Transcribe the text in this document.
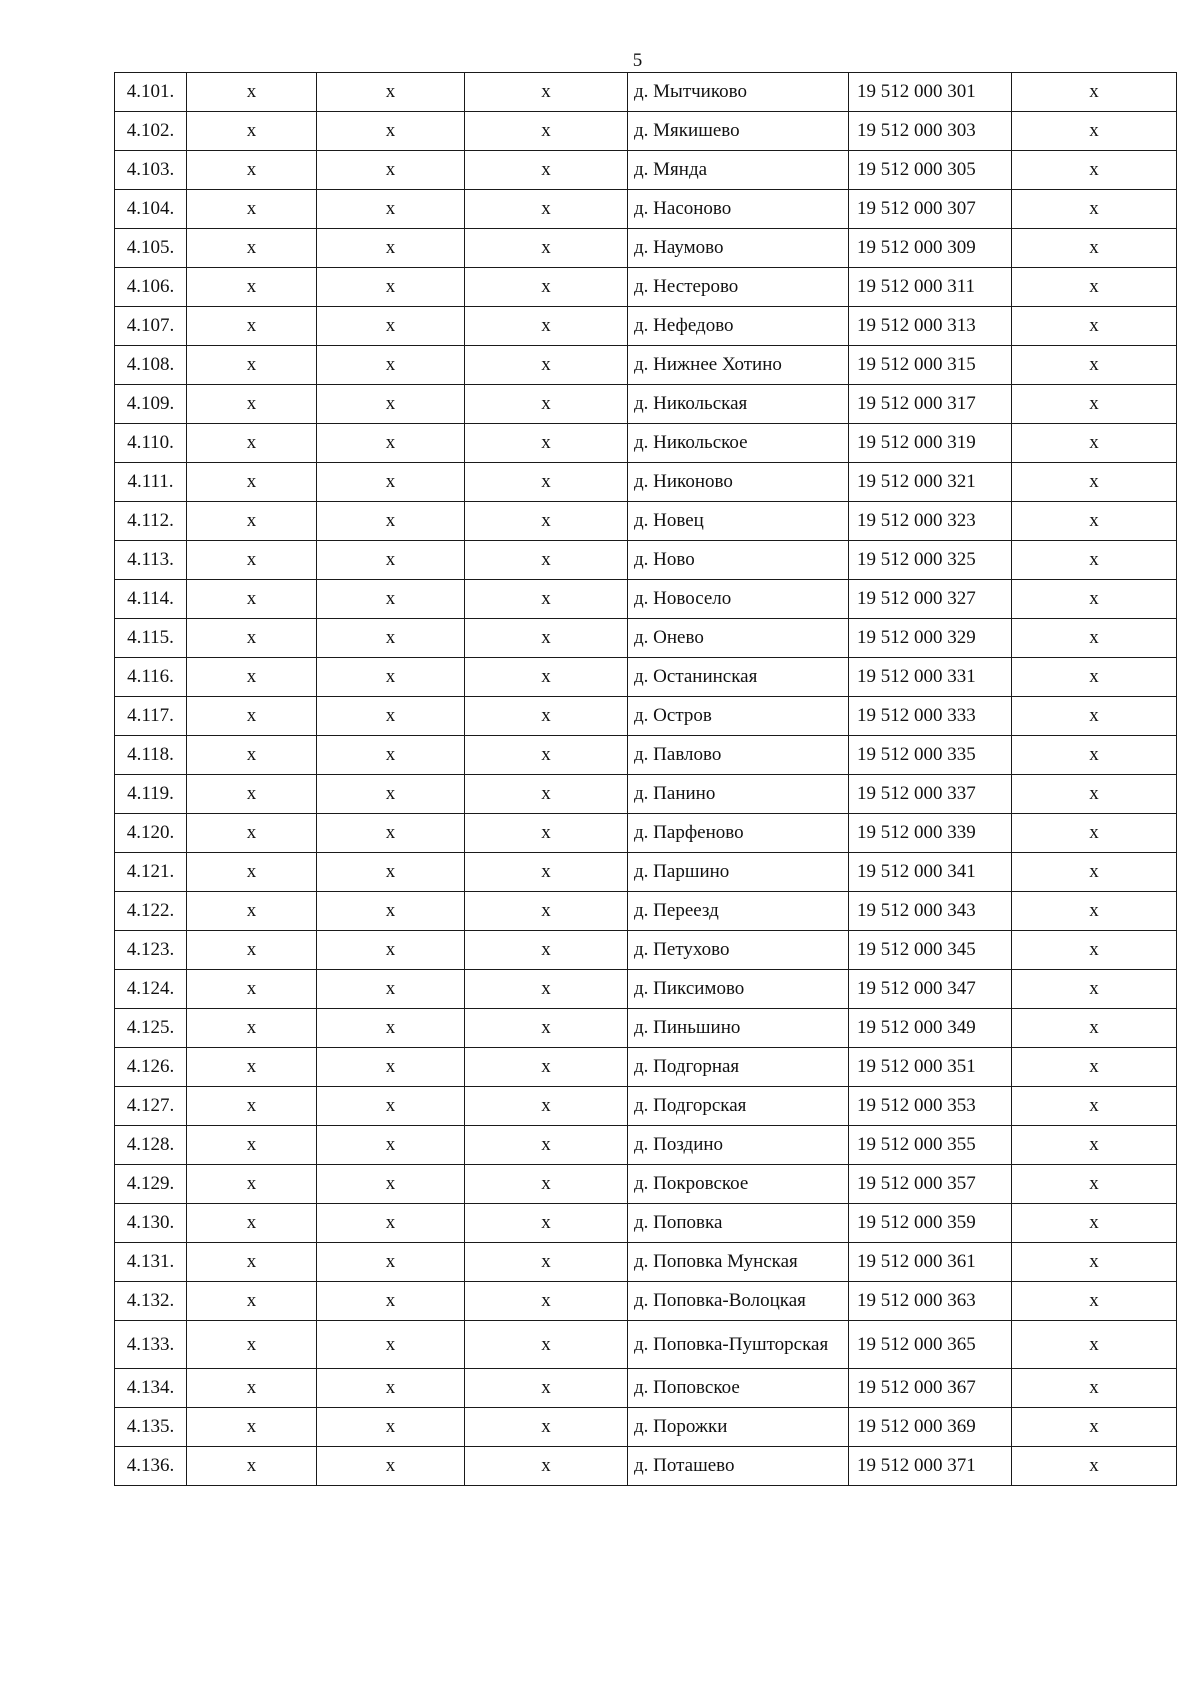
5
4.101.	x	x	x	д. Мытчиково	19 512 000 301	x
4.102.	x	x	x	д. Мякишево	19 512 000 303	x
4.103.	x	x	x	д. Мянда	19 512 000 305	x
4.104.	x	x	x	д. Насоново	19 512 000 307	x
4.105.	x	x	x	д. Наумово	19 512 000 309	x
4.106.	x	x	x	д. Нестерово	19 512 000 311	x
4.107.	x	x	x	д. Нефедово	19 512 000 313	x
4.108.	x	x	x	д. Нижнее Хотино	19 512 000 315	x
4.109.	x	x	x	д. Никольская	19 512 000 317	x
4.110.	x	x	x	д. Никольское	19 512 000 319	x
4.111.	x	x	x	д. Никоново	19 512 000 321	x
4.112.	x	x	x	д. Новец	19 512 000 323	x
4.113.	x	x	x	д. Ново	19 512 000 325	x
4.114.	x	x	x	д. Новосело	19 512 000 327	x
4.115.	x	x	x	д. Онево	19 512 000 329	x
4.116.	x	x	x	д. Останинская	19 512 000 331	x
4.117.	x	x	x	д. Остров	19 512 000 333	x
4.118.	x	x	x	д. Павлово	19 512 000 335	x
4.119.	x	x	x	д. Панино	19 512 000 337	x
4.120.	x	x	x	д. Парфеново	19 512 000 339	x
4.121.	x	x	x	д. Паршино	19 512 000 341	x
4.122.	x	x	x	д. Переезд	19 512 000 343	x
4.123.	x	x	x	д. Петухово	19 512 000 345	x
4.124.	x	x	x	д. Пиксимово	19 512 000 347	x
4.125.	x	x	x	д. Пиньшино	19 512 000 349	x
4.126.	x	x	x	д. Подгорная	19 512 000 351	x
4.127.	x	x	x	д. Подгорская	19 512 000 353	x
4.128.	x	x	x	д. Поздино	19 512 000 355	x
4.129.	x	x	x	д. Покровское	19 512 000 357	x
4.130.	x	x	x	д. Поповка	19 512 000 359	x
4.131.	x	x	x	д. Поповка Мунская	19 512 000 361	x
4.132.	x	x	x	д. Поповка-Волоцкая	19 512 000 363	x
4.133.	x	x	x	д. Поповка-Пушторская	19 512 000 365	x
4.134.	x	x	x	д. Поповское	19 512 000 367	x
4.135.	x	x	x	д. Порожки	19 512 000 369	x
4.136.	x	x	x	д. Поташево	19 512 000 371	x
